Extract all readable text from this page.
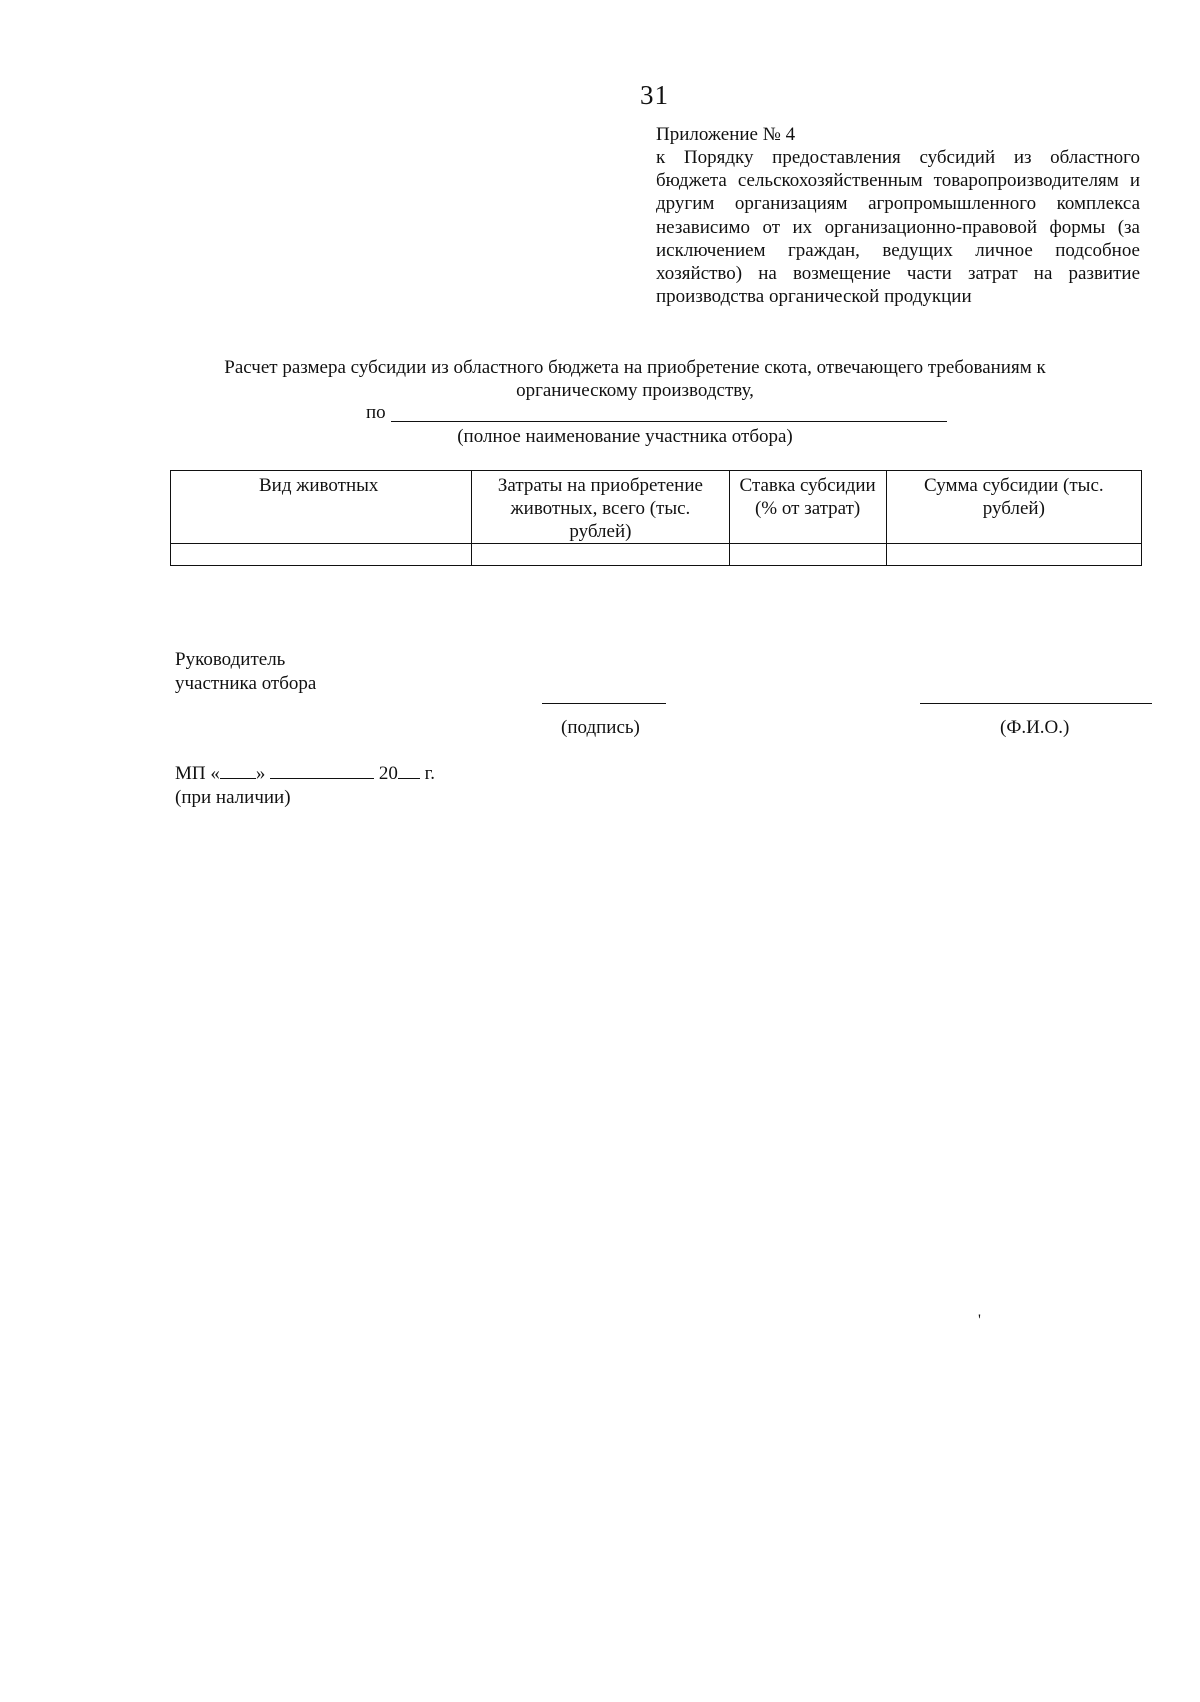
31
Приложение № 4
к Порядку предоставления субсидий из областного бюджета сельскохозяйственным товаропроизводителям и другим организациям агропромышленного комплекса независимо от их организационно-правовой формы (за исключением граждан, ведущих личное подсобное хозяйство) на возмещение части затрат на развитие производства органической продукции
Расчет размера субсидии из областного бюджета на приобретение скота, отвечающего требованиям к
органическому производству,
по
(полное наименование участника отбора)
Вид животных	Затраты на приобретение животных, всего (тыс. рублей)	Ставка субсидии (% от затрат)	Сумма субсидии (тыс. рублей)

Руководитель
участника отбора
(подпись)	(Ф.И.О.)
МП « »	20 г.
(при наличии)
'
